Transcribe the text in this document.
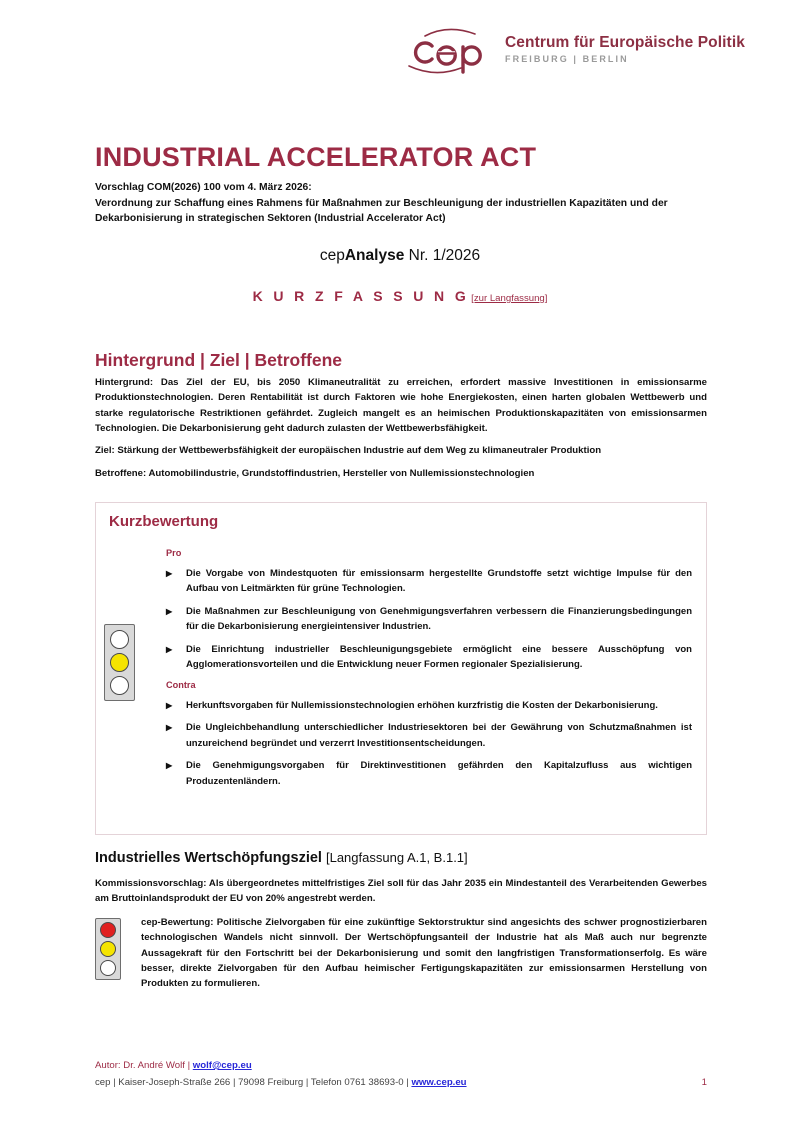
Centrum für Europäische Politik
FREIBURG | BERLIN
INDUSTRIAL ACCELERATOR ACT
Vorschlag COM(2026) 100 vom 4. März 2026:
Verordnung zur Schaffung eines Rahmens für Maßnahmen zur Beschleunigung der industriellen Kapazitäten und der Dekarbonisierung in strategischen Sektoren (Industrial Accelerator Act)
cepAnalyse Nr. 1/2026
K U R Z F A S S U N G [zur Langfassung]
Hintergrund | Ziel | Betroffene
Hintergrund: Das Ziel der EU, bis 2050 Klimaneutralität zu erreichen, erfordert massive Investitionen in emissionsarme Produktionstechnologien. Deren Rentabilität ist durch Faktoren wie hohe Energiekosten, einen harten globalen Wettbewerb und starke regulatorische Restriktionen gefährdet. Zugleich mangelt es an heimischen Produktionskapazitäten von emissionsarmen Technologien. Die Dekarbonisierung geht dadurch zulasten der Wettbewerbsfähigkeit.
Ziel: Stärkung der Wettbewerbsfähigkeit der europäischen Industrie auf dem Weg zu klimaneutraler Produktion
Betroffene: Automobilindustrie, Grundstoffindustrien, Hersteller von Nullemissionstechnologien
Kurzbewertung
Pro
▶	Die Vorgabe von Mindestquoten für emissionsarm hergestellte Grundstoffe setzt wichtige Impulse für den Aufbau von Leitmärkten für grüne Technologien.
▶	Die Maßnahmen zur Beschleunigung von Genehmigungsverfahren verbessern die Finanzierungsbedingungen für die Dekarbonisierung energieintensiver Industrien.
▶	Die Einrichtung industrieller Beschleunigungsgebiete ermöglicht eine bessere Ausschöpfung von Agglomerationsvorteilen und die Entwicklung neuer Formen regionaler Spezialisierung.
Contra
▶	Herkunftsvorgaben für Nullemissionstechnologien erhöhen kurzfristig die Kosten der Dekarbonisierung.
▶	Die Ungleichbehandlung unterschiedlicher Industriesektoren bei der Gewährung von Schutzmaßnahmen ist unzureichend begründet und verzerrt Investitionsentscheidungen.
▶	Die Genehmigungsvorgaben für Direktinvestitionen gefährden den Kapitalzufluss aus wichtigen Produzentenländern.
Industrielles Wertschöpfungsziel [Langfassung A.1, B.1.1]
Kommissionsvorschlag: Als übergeordnetes mittelfristiges Ziel soll für das Jahr 2035 ein Mindestanteil des Verarbeitenden Gewerbes am Bruttoinlandsprodukt der EU von 20% angestrebt werden.
cep-Bewertung: Politische Zielvorgaben für eine zukünftige Sektorstruktur sind angesichts des schwer prognostizierbaren technologischen Wandels nicht sinnvoll. Der Wertschöpfungsanteil der Industrie hat als Maß auch nur begrenzte Aussagekraft für den Fortschritt bei der Dekarbonisierung und somit den langfristigen Transformationserfolg. Es wäre besser, direkte Zielvorgaben für den Aufbau heimischer Fertigungskapazitäten zur emissionsarmen Herstellung von Produkten zu formulieren.
Autor: Dr. André Wolf | wolf@cep.eu
cep | Kaiser-Joseph-Straße 266 | 79098 Freiburg | Telefon 0761 38693-0 | www.cep.eu	1
